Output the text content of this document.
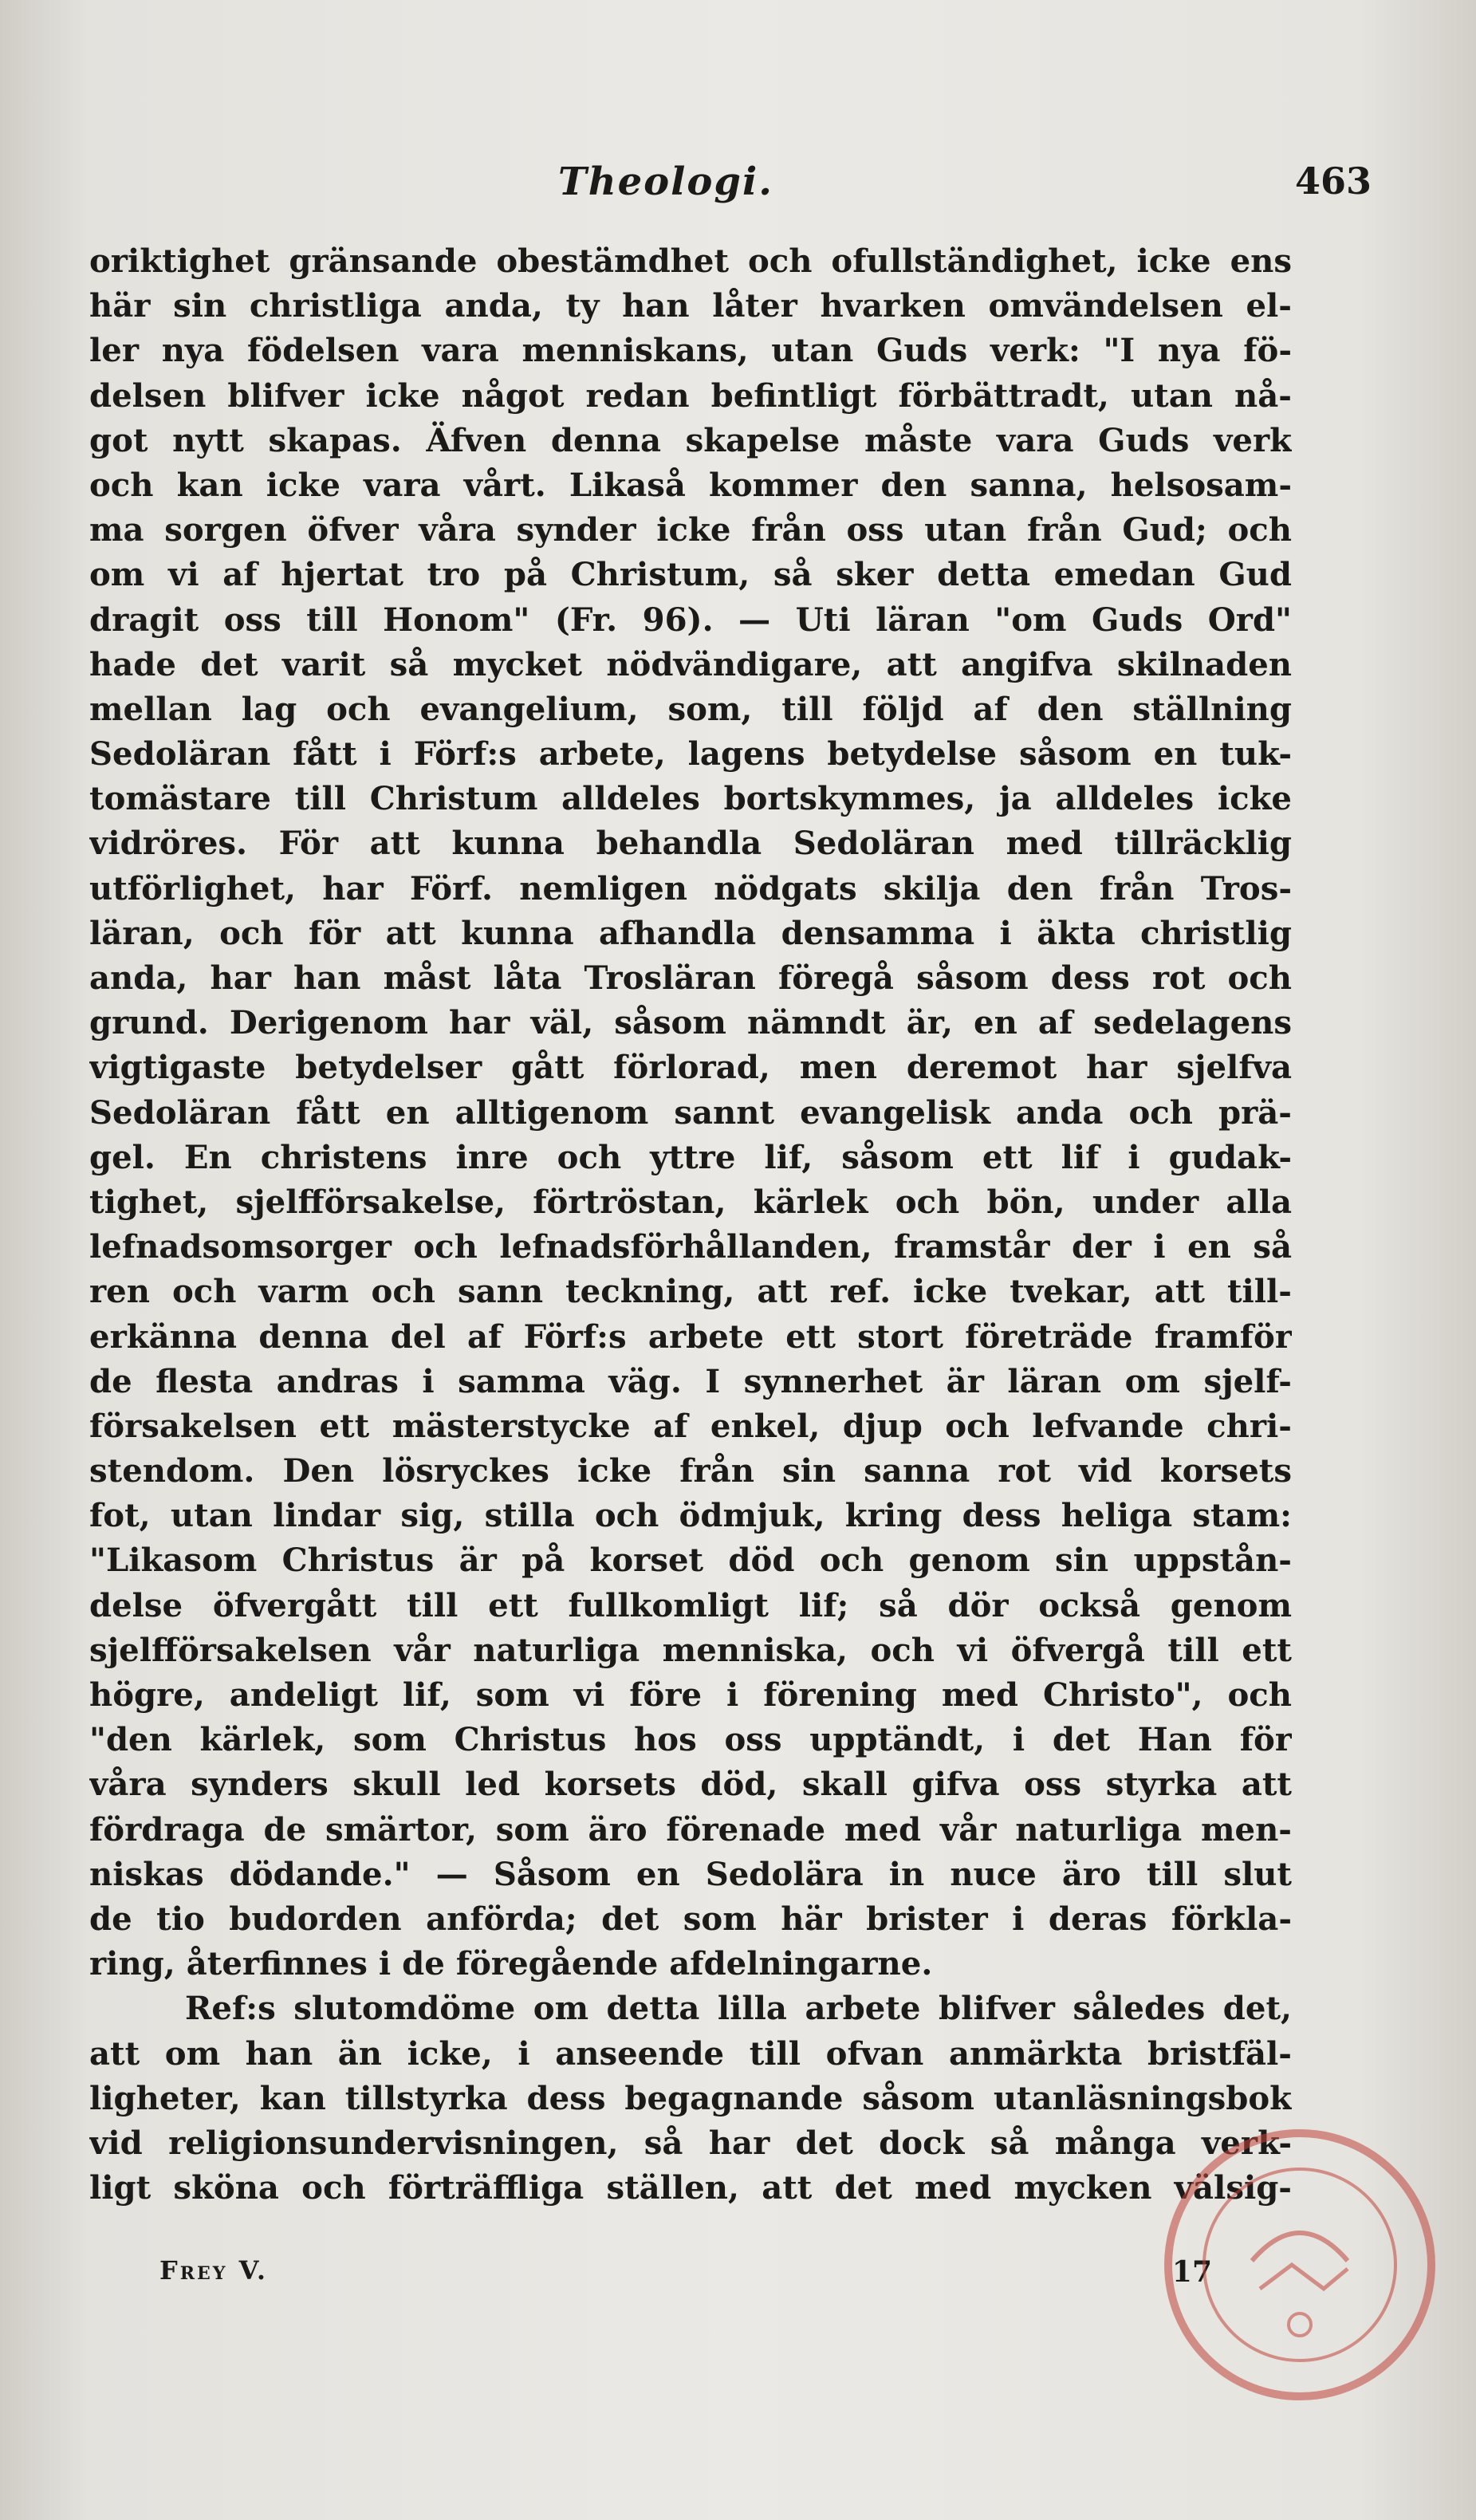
Theologi.	463
oriktighet gränsande obestämdhet och ofullständighet, icke ens
här sin christliga anda, ty han låter hvarken omvändelsen el-
ler nya födelsen vara menniskans, utan Guds verk: "I nya fö-
delsen blifver icke något redan befintligt förbättradt, utan nå-
got nytt skapas. Äfven denna skapelse måste vara Guds verk
och kan icke vara vårt. Likaså kommer den sanna, helsosam-
ma sorgen öfver våra synder icke från oss utan från Gud; och
om vi af hjertat tro på Christum, så sker detta emedan Gud
dragit oss till Honom" (Fr. 96). — Uti läran "om Guds Ord"
hade det varit så mycket nödvändigare, att angifva skilnaden
mellan lag och evangelium, som, till följd af den ställning
Sedoläran fått i Förf:s arbete, lagens betydelse såsom en tuk-
tomästare till Christum alldeles bortskymmes, ja alldeles icke
vidröres. För att kunna behandla Sedoläran med tillräcklig
utförlighet, har Förf. nemligen nödgats skilja den från Tros-
läran, och för att kunna afhandla densamma i äkta christlig
anda, har han måst låta Trosläran föregå såsom dess rot och
grund. Derigenom har väl, såsom nämndt är, en af sedelagens
vigtigaste betydelser gått förlorad, men deremot har sjelfva
Sedoläran fått en alltigenom sannt evangelisk anda och prä-
gel. En christens inre och yttre lif, såsom ett lif i gudak-
tighet, sjelfförsakelse, förtröstan, kärlek och bön, under alla
lefnadsomsorger och lefnadsförhållanden, framstår der i en så
ren och varm och sann teckning, att ref. icke tvekar, att till-
erkänna denna del af Förf:s arbete ett stort företräde framför
de flesta andras i samma väg. I synnerhet är läran om sjelf-
försakelsen ett mästerstycke af enkel, djup och lefvande chri-
stendom. Den lösryckes icke från sin sanna rot vid korsets
fot, utan lindar sig, stilla och ödmjuk, kring dess heliga stam:
"Likasom Christus är på korset död och genom sin uppstån-
delse öfvergått till ett fullkomligt lif; så dör också genom
sjelfförsakelsen vår naturliga menniska, och vi öfvergå till ett
högre, andeligt lif, som vi före i förening med Christo", och
"den kärlek, som Christus hos oss upptändt, i det Han för
våra synders skull led korsets död, skall gifva oss styrka att
fördraga de smärtor, som äro förenade med vår naturliga men-
niskas dödande." — Såsom en Sedolära in nuce äro till slut
de tio budorden anförda; det som här brister i deras förkla-
ring, återfinnes i de föregående afdelningarne.
Ref:s slutomdöme om detta lilla arbete blifver således det,
att om han än icke, i anseende till ofvan anmärkta bristfäl-
ligheter, kan tillstyrka dess begagnande såsom utanläsningsbok
vid religionsundervisningen, så har det dock så många verk-
ligt sköna och förträffliga ställen, att det med mycken välsig-
Frey V.	17
